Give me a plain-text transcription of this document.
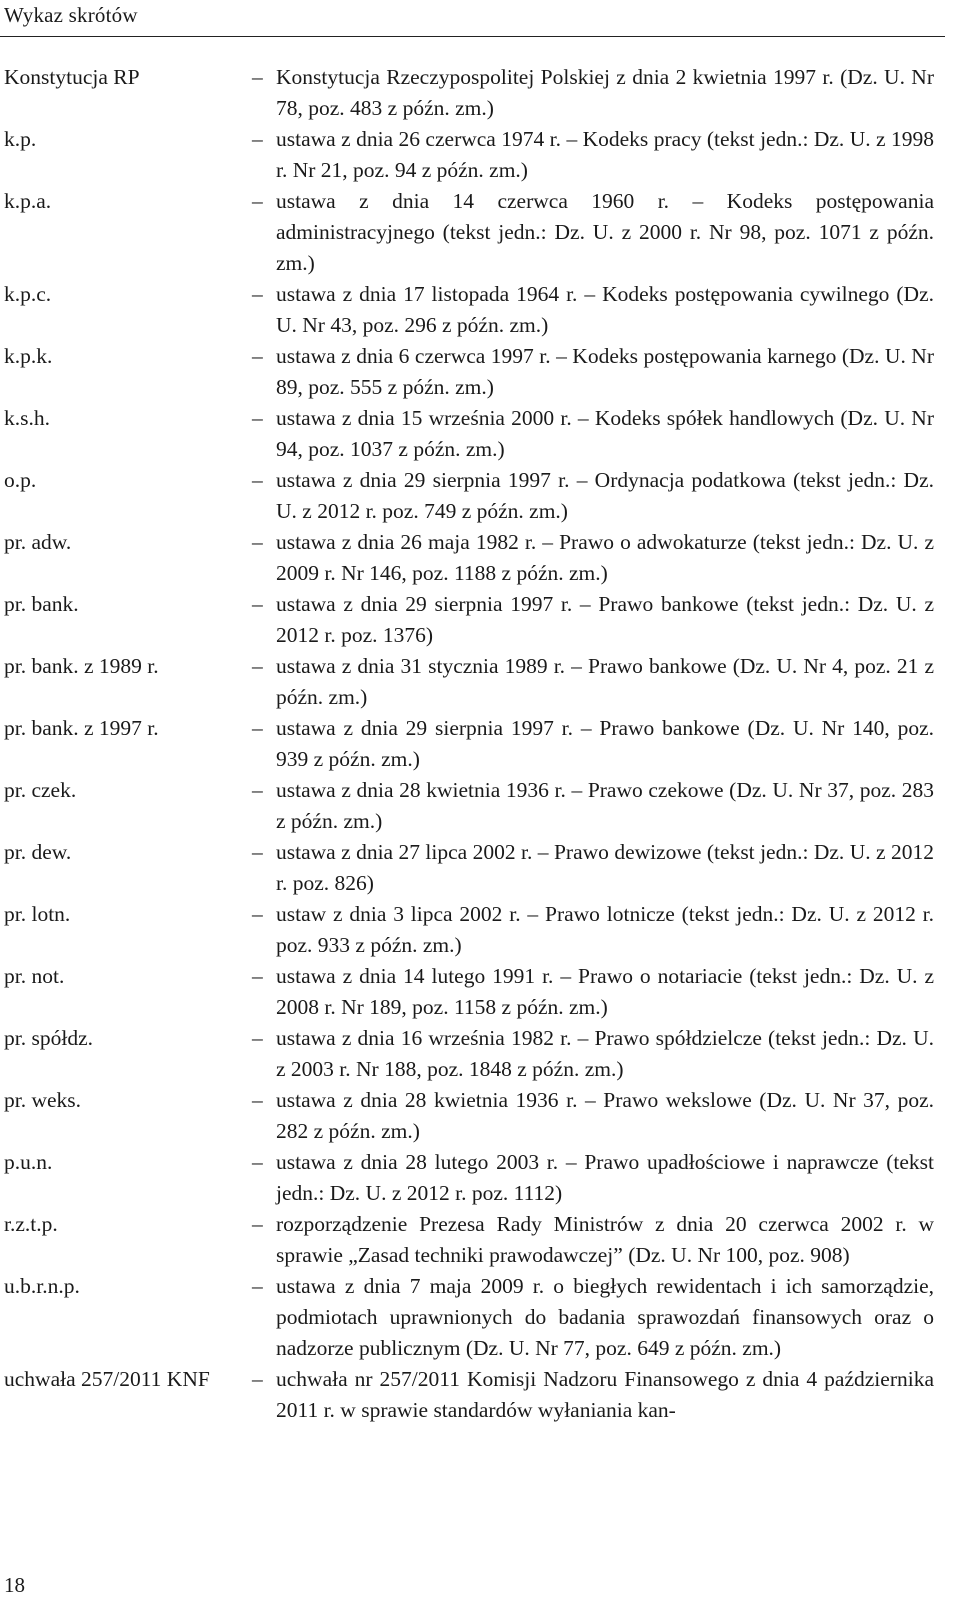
Wykaz skrótów
Konstytucja RP	– Konstytucja Rzeczypospolitej Polskiej z dnia 2 kwietnia 1997 r. (Dz. U. Nr 78, poz. 483 z późn. zm.)
k.p.	– ustawa z dnia 26 czerwca 1974 r. – Kodeks pracy (tekst jedn.: Dz. U. z 1998 r. Nr 21, poz. 94 z późn. zm.)
k.p.a.	– ustawa z dnia 14 czerwca 1960 r. – Kodeks postępowania administracyjnego (tekst jedn.: Dz. U. z 2000 r. Nr 98, poz. 1071 z późn. zm.)
k.p.c.	– ustawa z dnia 17 listopada 1964 r. – Kodeks postępowania cywilnego (Dz. U. Nr 43, poz. 296 z późn. zm.)
k.p.k.	– ustawa z dnia 6 czerwca 1997 r. – Kodeks postępowania karnego (Dz. U. Nr 89, poz. 555 z późn. zm.)
k.s.h.	– ustawa z dnia 15 września 2000 r. – Kodeks spółek handlowych (Dz. U. Nr 94, poz. 1037 z późn. zm.)
o.p.	– ustawa z dnia 29 sierpnia 1997 r. – Ordynacja podatkowa (tekst jedn.: Dz. U. z 2012 r. poz. 749 z późn. zm.)
pr. adw.	– ustawa z dnia 26 maja 1982 r. – Prawo o adwokaturze (tekst jedn.: Dz. U. z 2009 r. Nr 146, poz. 1188 z późn. zm.)
pr. bank.	– ustawa z dnia 29 sierpnia 1997 r. – Prawo bankowe (tekst jedn.: Dz. U. z 2012 r. poz. 1376)
pr. bank. z 1989 r.	– ustawa z dnia 31 stycznia 1989 r. – Prawo bankowe (Dz. U. Nr 4, poz. 21 z późn. zm.)
pr. bank. z 1997 r.	– ustawa z dnia 29 sierpnia 1997 r. – Prawo bankowe (Dz. U. Nr 140, poz. 939 z późn. zm.)
pr. czek.	– ustawa z dnia 28 kwietnia 1936 r. – Prawo czekowe (Dz. U. Nr 37, poz. 283 z późn. zm.)
pr. dew.	– ustawa z dnia 27 lipca 2002 r. – Prawo dewizowe (tekst jedn.: Dz. U. z 2012 r. poz. 826)
pr. lotn.	– ustaw z dnia 3 lipca 2002 r. – Prawo lotnicze (tekst jedn.: Dz. U. z 2012 r. poz. 933 z późn. zm.)
pr. not.	– ustawa z dnia 14 lutego 1991 r. – Prawo o notariacie (tekst jedn.: Dz. U. z 2008 r. Nr 189, poz. 1158 z późn. zm.)
pr. spółdz.	– ustawa z dnia 16 września 1982 r. – Prawo spółdzielcze (tekst jedn.: Dz. U. z 2003 r. Nr 188, poz. 1848 z późn. zm.)
pr. weks.	– ustawa z dnia 28 kwietnia 1936 r. – Prawo wekslowe (Dz. U. Nr 37, poz. 282 z późn. zm.)
p.u.n.	– ustawa z dnia 28 lutego 2003 r. – Prawo upadłościowe i naprawcze (tekst jedn.: Dz. U. z 2012 r. poz. 1112)
r.z.t.p.	– rozporządzenie Prezesa Rady Ministrów z dnia 20 czerwca 2002 r. w sprawie „Zasad techniki prawodawczej” (Dz. U. Nr 100, poz. 908)
u.b.r.n.p.	– ustawa z dnia 7 maja 2009 r. o biegłych rewidentach i ich samorządzie, podmiotach uprawnionych do badania sprawozdań finansowych oraz o nadzorze publicznym (Dz. U. Nr 77, poz. 649 z późn. zm.)
uchwała 257/2011 KNF	– uchwała nr 257/2011 Komisji Nadzoru Finansowego z dnia 4 października 2011 r. w sprawie standardów wyłaniania kan-
18
